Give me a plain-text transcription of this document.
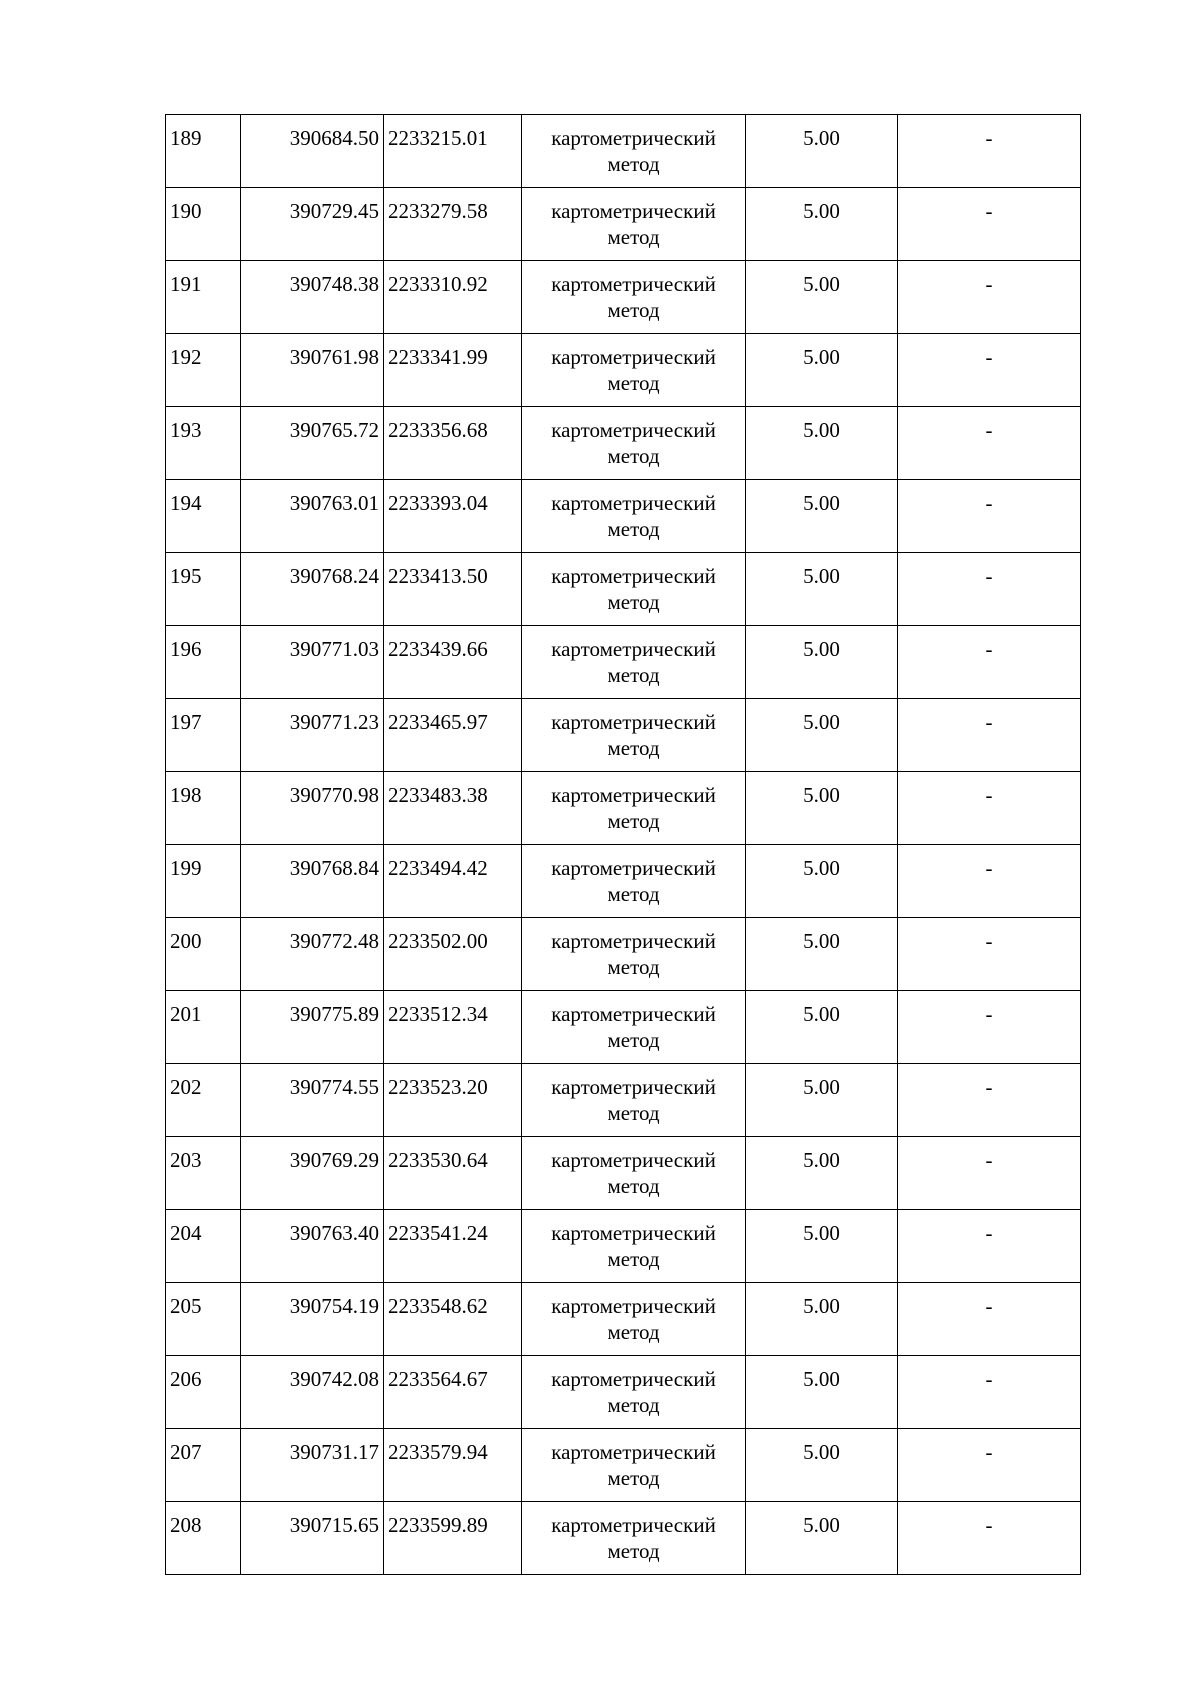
189	390684.50	2233215.01	картометрический метод	5.00	-
190	390729.45	2233279.58	картометрический метод	5.00	-
191	390748.38	2233310.92	картометрический метод	5.00	-
192	390761.98	2233341.99	картометрический метод	5.00	-
193	390765.72	2233356.68	картометрический метод	5.00	-
194	390763.01	2233393.04	картометрический метод	5.00	-
195	390768.24	2233413.50	картометрический метод	5.00	-
196	390771.03	2233439.66	картометрический метод	5.00	-
197	390771.23	2233465.97	картометрический метод	5.00	-
198	390770.98	2233483.38	картометрический метод	5.00	-
199	390768.84	2233494.42	картометрический метод	5.00	-
200	390772.48	2233502.00	картометрический метод	5.00	-
201	390775.89	2233512.34	картометрический метод	5.00	-
202	390774.55	2233523.20	картометрический метод	5.00	-
203	390769.29	2233530.64	картометрический метод	5.00	-
204	390763.40	2233541.24	картометрический метод	5.00	-
205	390754.19	2233548.62	картометрический метод	5.00	-
206	390742.08	2233564.67	картометрический метод	5.00	-
207	390731.17	2233579.94	картометрический метод	5.00	-
208	390715.65	2233599.89	картометрический метод	5.00	-
